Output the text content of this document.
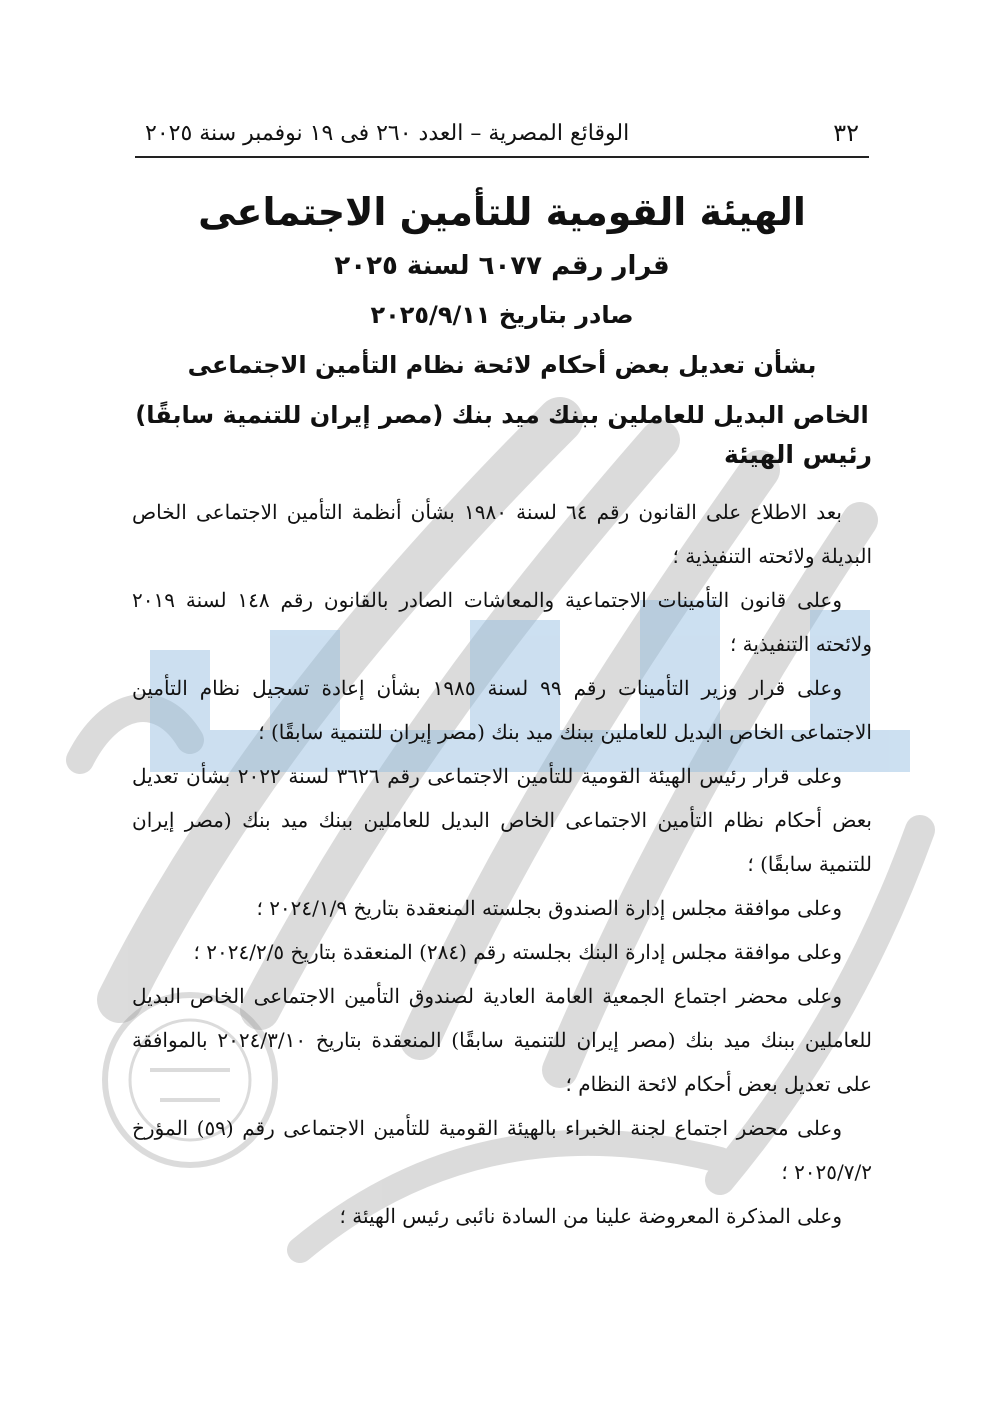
٣٢
الوقائع المصرية – العدد ٢٦٠ فى ١٩ نوفمبر سنة ٢٠٢٥
الهيئة القومية للتأمين الاجتماعى
قرار رقم ٦٠٧٧ لسنة ٢٠٢٥
صادر بتاريخ ٢٠٢٥/٩/١١
بشأن تعديل بعض أحكام لائحة نظام التأمين الاجتماعى
الخاص البديل للعاملين ببنك ميد بنك (مصر إيران للتنمية سابقًا)
رئيس الهيئة

بعد الاطلاع على القانون رقم ٦٤ لسنة ١٩٨٠ بشأن أنظمة التأمين الاجتماعى الخاص البديلة ولائحته التنفيذية ؛

وعلى قانون التأمينات الاجتماعية والمعاشات الصادر بالقانون رقم ١٤٨ لسنة ٢٠١٩ ولائحته التنفيذية ؛

وعلى قرار وزير التأمينات رقم ٩٩ لسنة ١٩٨٥ بشأن إعادة تسجيل نظام التأمين الاجتماعى الخاص البديل للعاملين ببنك ميد بنك (مصر إيران للتنمية سابقًا) ؛

وعلى قرار رئيس الهيئة القومية للتأمين الاجتماعى رقم ٣٦٢٦ لسنة ٢٠٢٢ بشأن تعديل بعض أحكام نظام التأمين الاجتماعى الخاص البديل للعاملين ببنك ميد بنك (مصر إيران للتنمية سابقًا) ؛

وعلى موافقة مجلس إدارة الصندوق بجلسته المنعقدة بتاريخ ٢٠٢٤/١/٩ ؛

وعلى موافقة مجلس إدارة البنك بجلسته رقم (٢٨٤) المنعقدة بتاريخ ٢٠٢٤/٢/٥ ؛

وعلى محضر اجتماع الجمعية العامة العادية لصندوق التأمين الاجتماعى الخاص البديل للعاملين ببنك ميد بنك (مصر إيران للتنمية سابقًا) المنعقدة بتاريخ ٢٠٢٤/٣/١٠ بالموافقة على تعديل بعض أحكام لائحة النظام ؛

وعلى محضر اجتماع لجنة الخبراء بالهيئة القومية للتأمين الاجتماعى رقم (٥٩) المؤرخ ٢٠٢٥/٧/٢ ؛

وعلى المذكرة المعروضة علينا من السادة نائبى رئيس الهيئة ؛
